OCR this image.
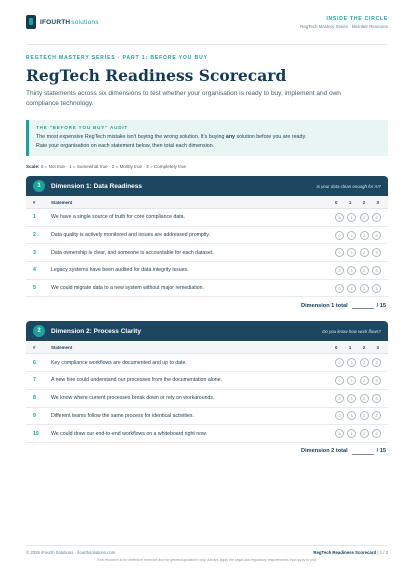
IFOURTHsolutions	INSIDE THE CIRCLE
RegTech Mastery Series · Member Resource
REGTECH MASTERY SERIES · PART 1: BEFORE YOU BUY
RegTech Readiness Scorecard
Thirty statements across six dimensions to test whether your organisation is ready to buy, implement and own compliance technology.
THE "BEFORE YOU BUY" AUDIT
The most expensive RegTech mistake isn't buying the wrong solution. It's buying any solution before you are ready.
Rate your organisation on each statement below, then total each dimension.
Scale: 0 = Not true · 1 = Somewhat true · 2 = Mostly true · 3 = Completely true
1	Dimension 1: Data Readiness	Is your data clean enough for AI?
#	Statement	0	1	2	3
1	We have a single source of truth for core compliance data.	0	1	2	3
2	Data quality is actively monitored and issues are addressed promptly.	0	1	2	3
3	Data ownership is clear, and someone is accountable for each dataset.	0	1	2	3
4	Legacy systems have been audited for data integrity issues.	0	1	2	3
5	We could migrate data to a new system without major remediation.	0	1	2	3
Dimension 1 total	/ 15
2	Dimension 2: Process Clarity	Do you know how work flows?
#	Statement	0	1	2	3
6	Key compliance workflows are documented and up to date.	0	1	2	3
7	A new hire could understand our processes from the documentation alone.	0	1	2	3
8	We know where current processes break down or rely on workarounds.	0	1	2	3
9	Different teams follow the same process for identical activities.	0	1	2	3
10	We could draw our end-to-end workflows on a whiteboard right now.	0	1	2	3
Dimension 2 total	/ 15
© 2026 iFourth Solutions · ifourthsolutions.com	RegTech Readiness Scorecard | 1 / 3
This resource is for reflective exercise and for general guidance only. Always apply the legal and regulatory requirements that apply to you.
